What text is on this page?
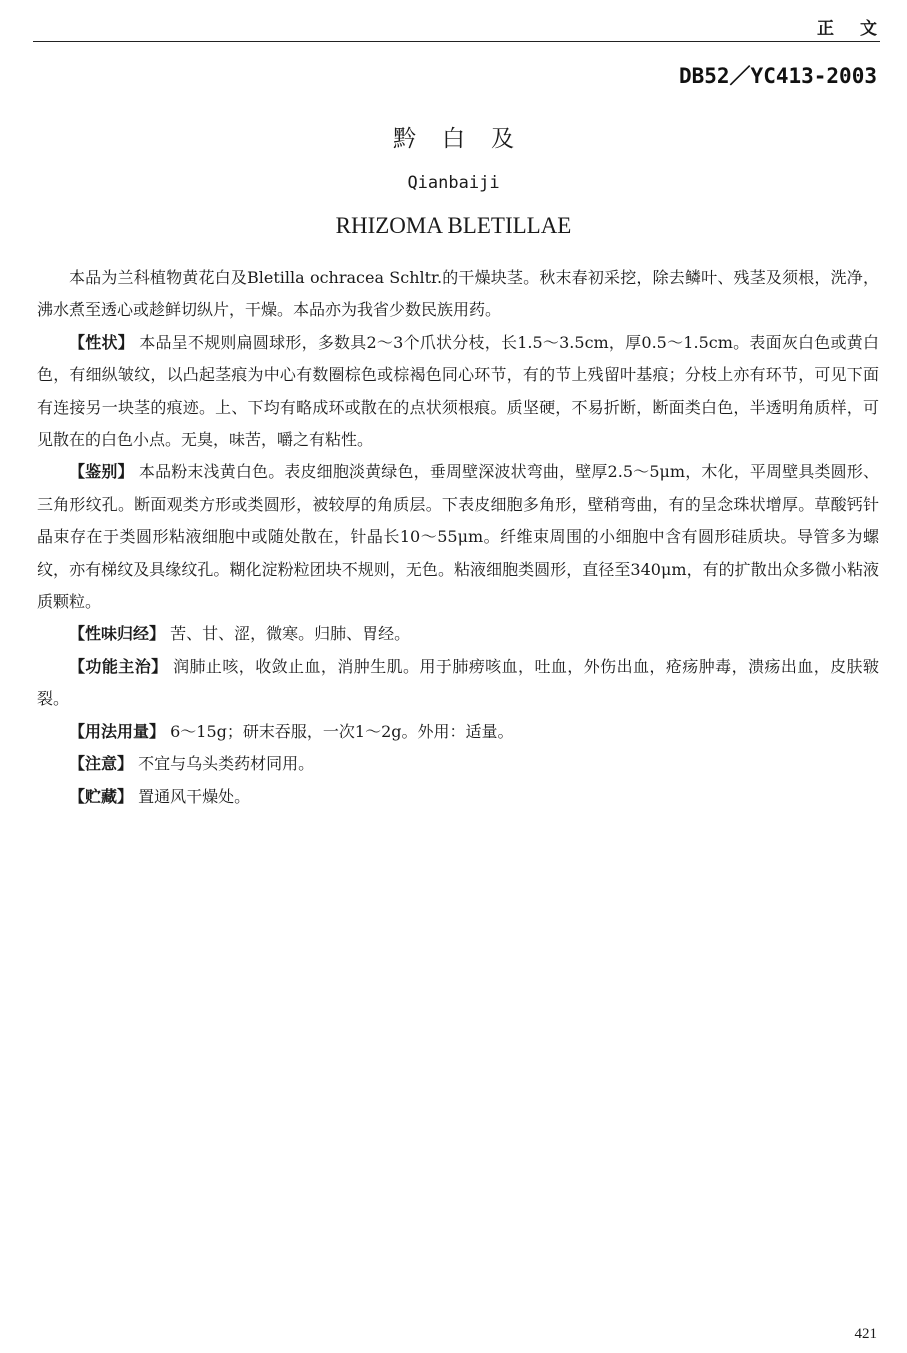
正文
DB52／YC413-2003
黔白及
Qianbaiji
RHIZOMA BLETILLAE

本品为兰科植物黄花白及Bletilla ochracea Schltr.的干燥块茎。秋末春初采挖，除去鳞叶、残茎及须根，洗净，沸水煮至透心或趁鲜切纵片，干燥。本品亦为我省少数民族用药。

【性状】 本品呈不规则扁圆球形，多数具2～3个爪状分枝，长1.5～3.5cm，厚0.5～1.5cm。表面灰白色或黄白色，有细纵皱纹，以凸起茎痕为中心有数圈棕色或棕褐色同心环节，有的节上残留叶基痕；分枝上亦有环节，可见下面有连接另一块茎的痕迹。上、下均有略成环或散在的点状须根痕。质坚硬，不易折断，断面类白色，半透明角质样，可见散在的白色小点。无臭，味苦，嚼之有粘性。

【鉴别】 本品粉末浅黄白色。表皮细胞淡黄绿色，垂周壁深波状弯曲，壁厚2.5～5μm，木化，平周壁具类圆形、三角形纹孔。断面观类方形或类圆形，被较厚的角质层。下表皮细胞多角形，壁稍弯曲，有的呈念珠状增厚。草酸钙针晶束存在于类圆形粘液细胞中或随处散在，针晶长10～55μm。纤维束周围的小细胞中含有圆形硅质块。导管多为螺纹，亦有梯纹及具缘纹孔。糊化淀粉粒团块不规则，无色。粘液细胞类圆形，直径至340μm，有的扩散出众多微小粘液质颗粒。

【性味归经】 苦、甘、涩，微寒。归肺、胃经。

【功能主治】 润肺止咳，收敛止血，消肿生肌。用于肺痨咳血，吐血，外伤出血，疮疡肿毒，溃疡出血，皮肤皲裂。

【用法用量】 6～15g；研末吞服，一次1～2g。外用：适量。

【注意】 不宜与乌头类药材同用。

【贮藏】 置通风干燥处。

421
